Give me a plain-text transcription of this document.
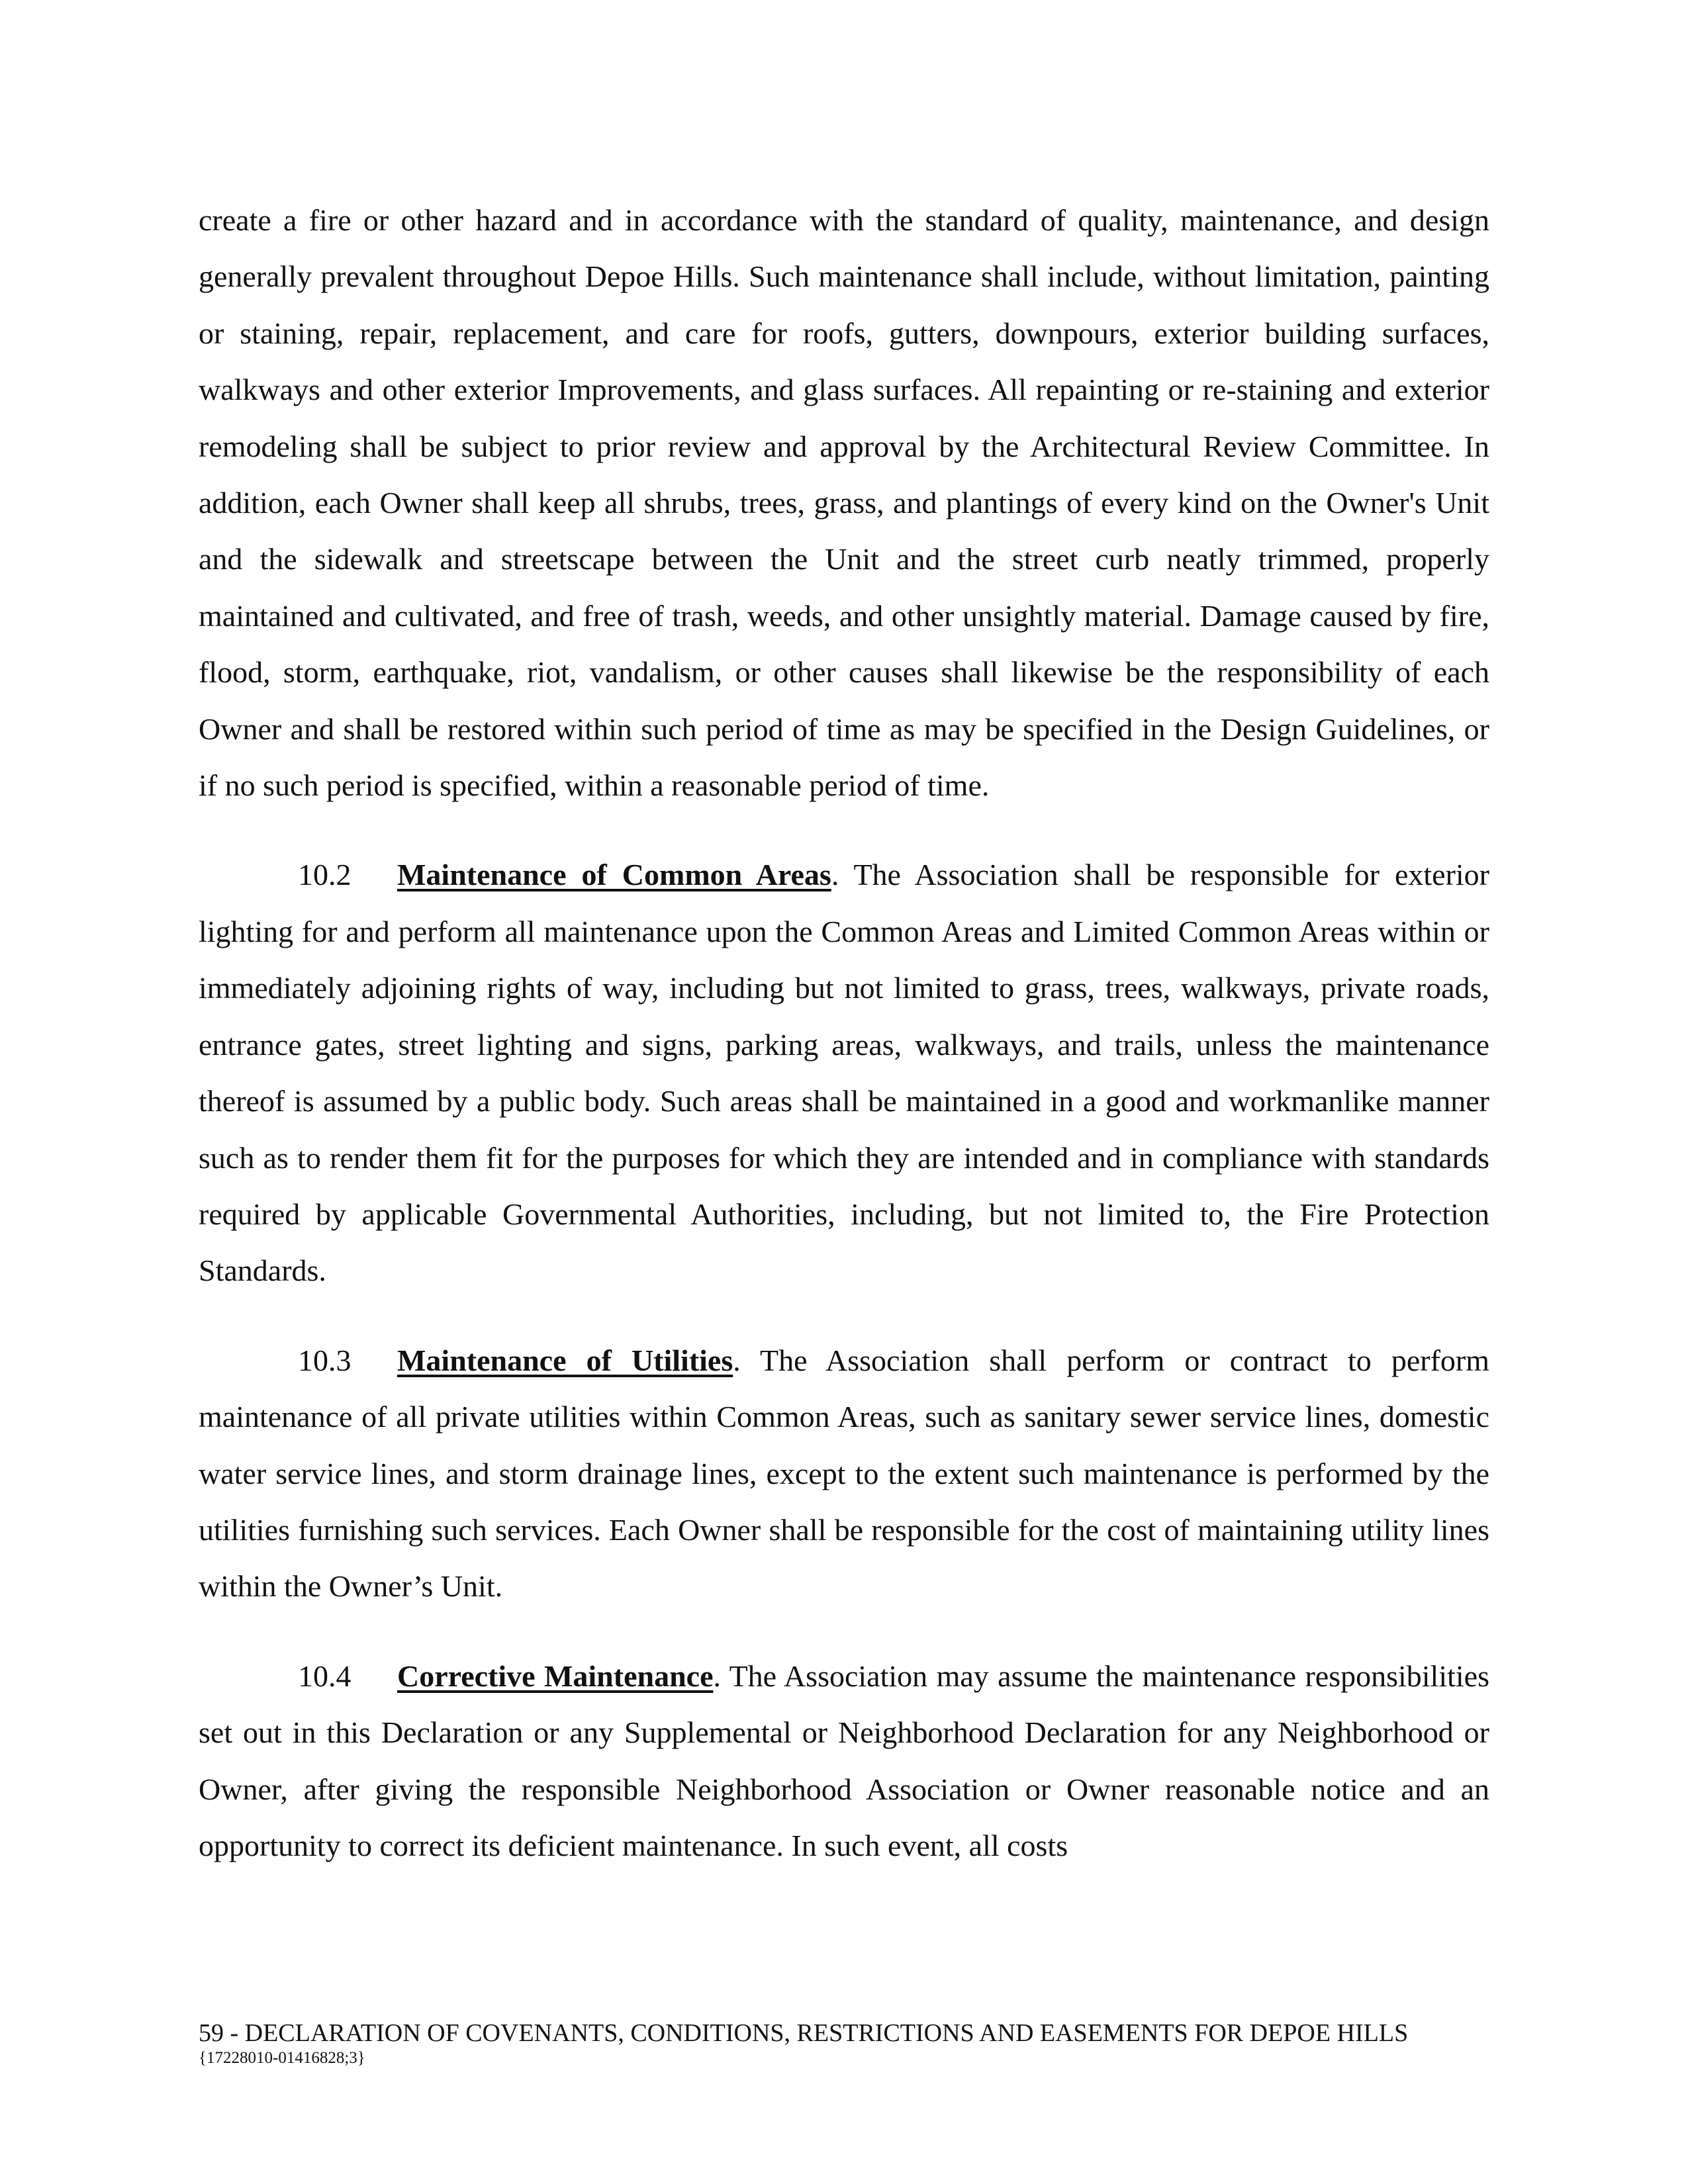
create a fire or other hazard and in accordance with the standard of quality, maintenance, and design generally prevalent throughout Depoe Hills. Such maintenance shall include, without limitation, painting or staining, repair, replacement, and care for roofs, gutters, downpours, exterior building surfaces, walkways and other exterior Improvements, and glass surfaces. All repainting or re-staining and exterior remodeling shall be subject to prior review and approval by the Architectural Review Committee. In addition, each Owner shall keep all shrubs, trees, grass, and plantings of every kind on the Owner's Unit and the sidewalk and streetscape between the Unit and the street curb neatly trimmed, properly maintained and cultivated, and free of trash, weeds, and other unsightly material. Damage caused by fire, flood, storm, earthquake, riot, vandalism, or other causes shall likewise be the responsibility of each Owner and shall be restored within such period of time as may be specified in the Design Guidelines, or if no such period is specified, within a reasonable period of time.

10.2 Maintenance of Common Areas. The Association shall be responsible for exterior lighting for and perform all maintenance upon the Common Areas and Limited Common Areas within or immediately adjoining rights of way, including but not limited to grass, trees, walkways, private roads, entrance gates, street lighting and signs, parking areas, walkways, and trails, unless the maintenance thereof is assumed by a public body. Such areas shall be maintained in a good and workmanlike manner such as to render them fit for the purposes for which they are intended and in compliance with standards required by applicable Governmental Authorities, including, but not limited to, the Fire Protection Standards.

10.3 Maintenance of Utilities. The Association shall perform or contract to perform maintenance of all private utilities within Common Areas, such as sanitary sewer service lines, domestic water service lines, and storm drainage lines, except to the extent such maintenance is performed by the utilities furnishing such services. Each Owner shall be responsible for the cost of maintaining utility lines within the Owner’s Unit.

10.4 Corrective Maintenance. The Association may assume the maintenance responsibilities set out in this Declaration or any Supplemental or Neighborhood Declaration for any Neighborhood or Owner, after giving the responsible Neighborhood Association or Owner reasonable notice and an opportunity to correct its deficient maintenance. In such event, all costs

59 - DECLARATION OF COVENANTS, CONDITIONS, RESTRICTIONS AND EASEMENTS FOR DEPOE HILLS
{17228010-01416828;3}
